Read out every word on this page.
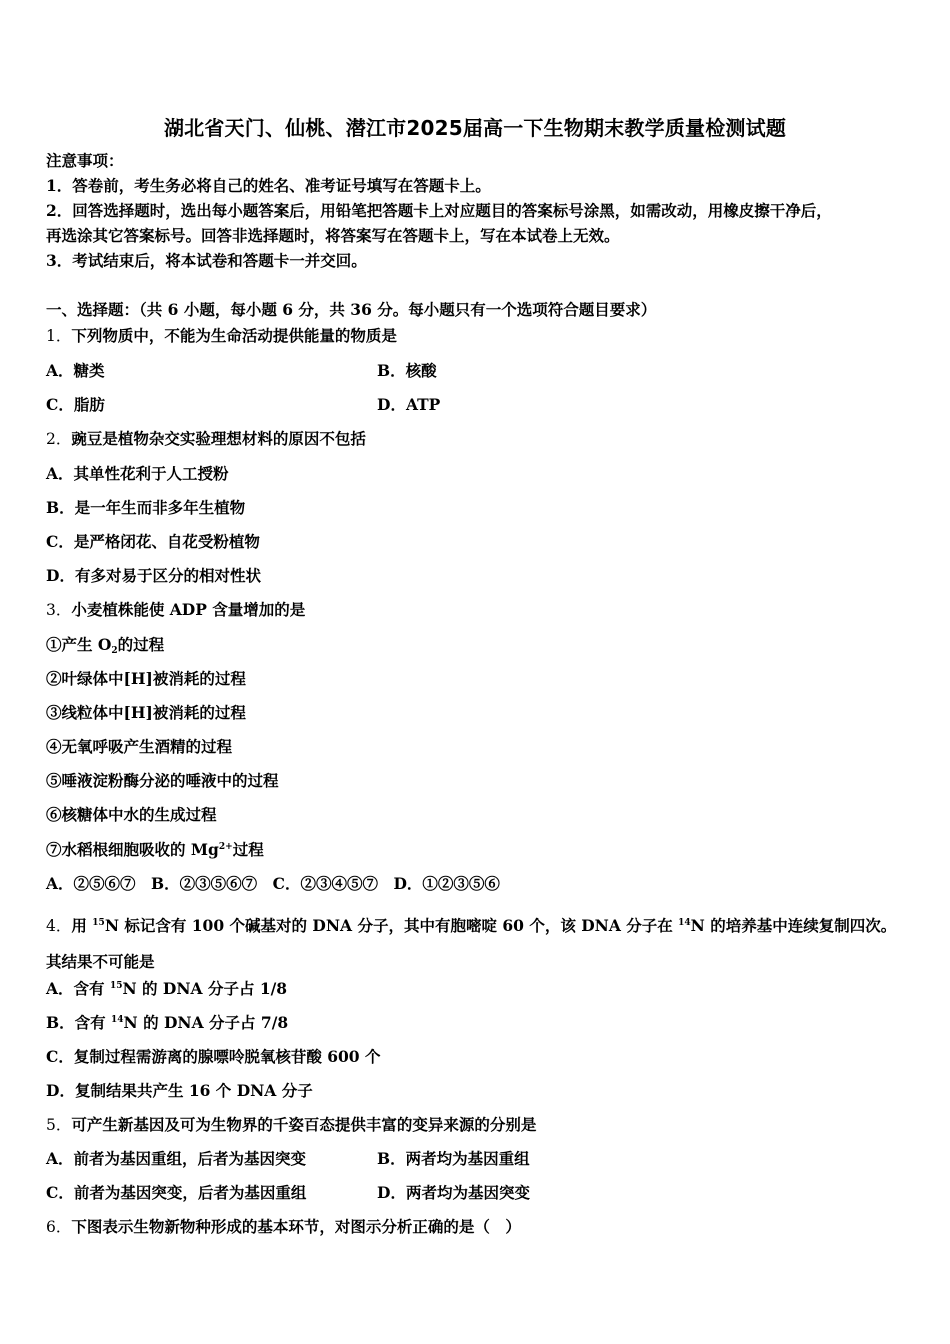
湖北省天门、仙桃、潜江市2025届高一下生物期末教学质量检测试题
注意事项：
1．答卷前，考生务必将自己的姓名、准考证号填写在答题卡上。
2．回答选择题时，选出每小题答案后，用铅笔把答题卡上对应题目的答案标号涂黑，如需改动，用橡皮擦干净后，
再选涂其它答案标号。回答非选择题时，将答案写在答题卡上，写在本试卷上无效。
3．考试结束后，将本试卷和答题卡一并交回。
一、选择题：（共 6 小题，每小题 6 分，共 36 分。每小题只有一个选项符合题目要求）
1．下列物质中，不能为生命活动提供能量的物质是
A．糖类	B．核酸
C．脂肪	D．ATP
2．豌豆是植物杂交实验理想材料的原因不包括
A．其单性花利于人工授粉
B．是一年生而非多年生植物
C．是严格闭花、自花受粉植物
D．有多对易于区分的相对性状
3．小麦植株能使 ADP 含量增加的是
①产生 $O_2$的过程
②叶绿体中[H]被消耗的过程
③线粒体中[H]被消耗的过程
④无氧呼吸产生酒精的过程
⑤唾液淀粉酶分泌的唾液中的过程
⑥核糖体中水的生成过程
⑦水稻根细胞吸收的 $Mg^{2+}$过程
A．②⑤⑥⑦　B．②③⑤⑥⑦　C．②③④⑤⑦　D．①②③⑤⑥
4．用 $^{15}$N 标记含有 100 个碱基对的 DNA 分子，其中有胞嘧啶 60 个，该 DNA 分子在 $^{14}$N 的培养基中连续复制四次。其结果不可能是
A．含有 $^{15}$N 的 DNA 分子占 1/8
B．含有 $^{14}$N 的 DNA 分子占 7/8
C．复制过程需游离的腺嘌呤脱氧核苷酸 600 个
D．复制结果共产生 16 个 DNA 分子
5．可产生新基因及可为生物界的千姿百态提供丰富的变异来源的分别是
A．前者为基因重组，后者为基因突变	B．两者均为基因重组
C．前者为基因突变，后者为基因重组	D．两者均为基因突变
6．下图表示生物新物种形成的基本环节，对图示分析正确的是（　）
